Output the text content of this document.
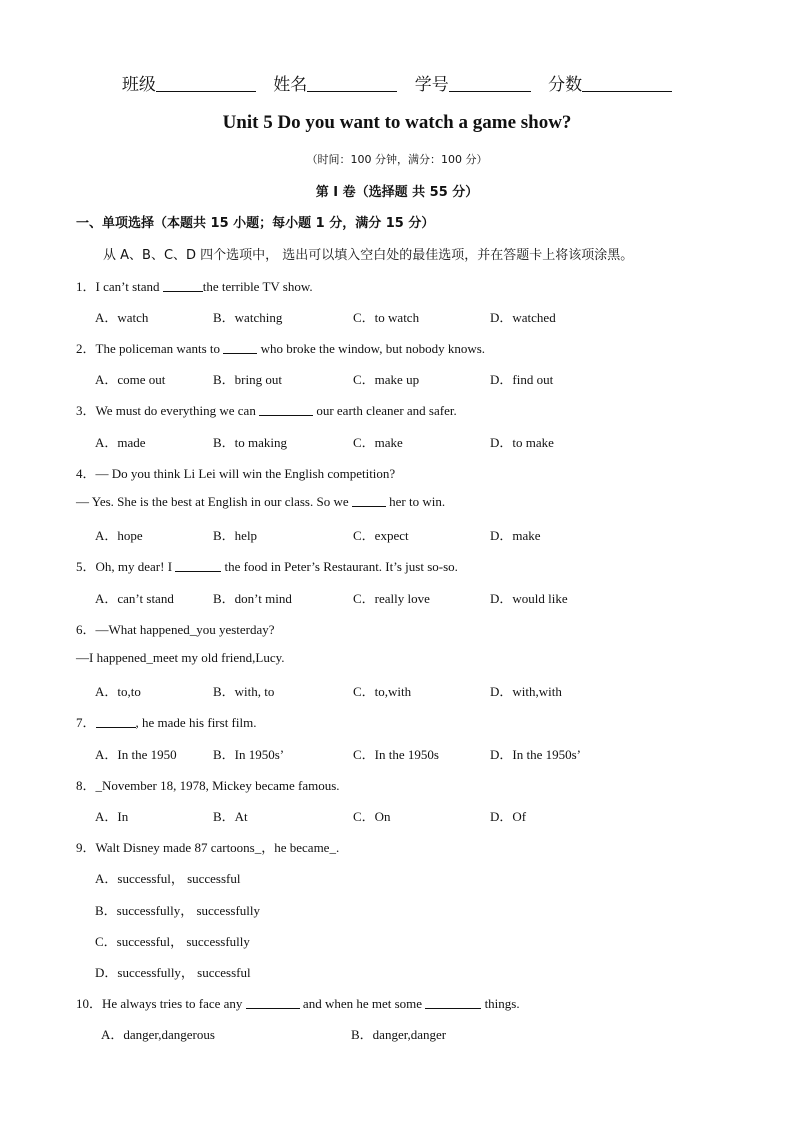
班级	姓名	学号	分数
Unit 5 Do you want to watch a game show?
（时间：100 分钟，满分：100 分）
第 I 卷（选择题 共 55 分）
一、单项选择（本题共 15 小题；每小题 1 分，满分 15 分）
从 A、B、C、D 四个选项中， 选出可以填入空白处的最佳选项，并在答题卡上将该项涂黑。
1．I can’t stand	the terrible TV show.
A．watch	B．watching	C．to watch	D．watched
2．The policeman wants to	who broke the window, but nobody knows.
A．come out	B．bring out	C．make up	D．find out
3．We must do everything we can	our earth cleaner and safer.
A．made	B．to making	C．make	D．to make
4．— Do you think Li Lei will win the English competition?
— Yes. She is the best at English in our class. So we	her to win.
A．hope	B．help	C．expect	D．make
5．Oh, my dear! I	the food in Peter’s Restaurant. It’s just so-so.
A．can’t stand	B．don’t mind	C．really love	D．would like
6．—What happened_you yesterday?
—I happened_meet my old friend,Lucy.
A．to,to	B．with, to	C．to,with	D．with,with
7．	, he made his first film.
A．In the 1950	B．In 1950s’	C．In the 1950s	D．In the 1950s’
8．_November 18, 1978, Mickey became famous.
A．In	B．At	C．On	D．Of
9．Walt Disney made 87 cartoons_，he became_.
A．successful， successful
B．successfully， successfully
C．successful， successfully
D．successfully， successful
10．He always tries to face any	and when he met some	things.
A．danger,dangerous	B．danger,danger
